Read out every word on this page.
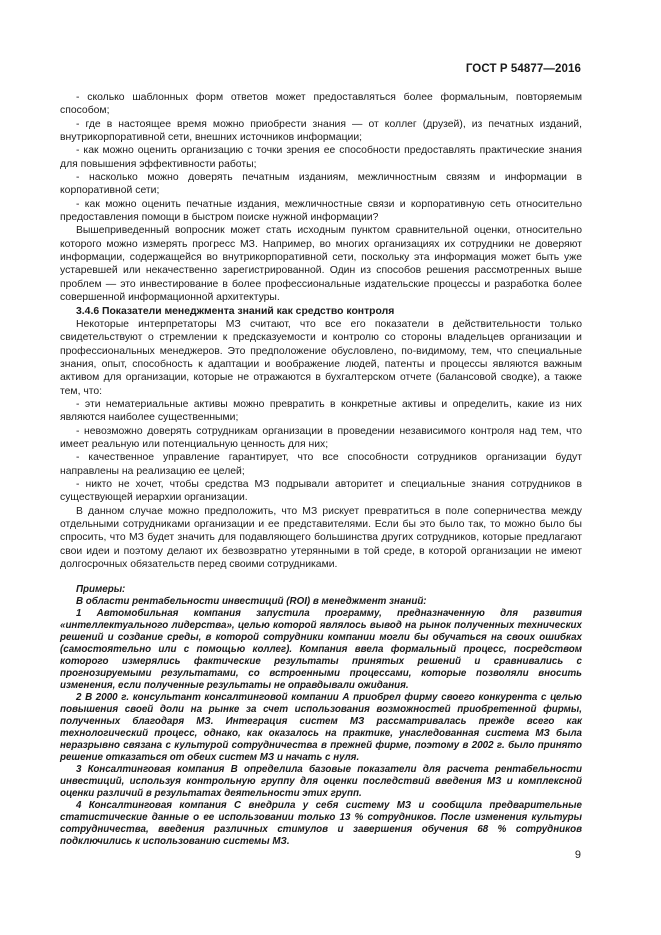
ГОСТ Р 54877—2016

- сколько шаблонных форм ответов может предоставляться более формальным, повторяемым способом;

- где в настоящее время можно приобрести знания — от коллег (друзей), из печатных изданий, внутрикорпоративной сети, внешних источников информации;

- как можно оценить организацию с точки зрения ее способности предоставлять практические знания для повышения эффективности работы;

- насколько можно доверять печатным изданиям, межличностным связям и информации в корпоративной сети;

- как можно оценить печатные издания, межличностные связи и корпоративную сеть относительно предоставления помощи в быстром поиске нужной информации?

Вышеприведенный вопросник может стать исходным пунктом сравнительной оценки, относительно которого можно измерять прогресс МЗ. Например, во многих организациях их сотрудники не доверяют информации, содержащейся во внутрикорпоративной сети, поскольку эта информация может быть уже устаревшей или некачественно зарегистрированной. Один из способов решения рассмотренных выше проблем — это инвестирование в более профессиональные издательские процессы и разработка более совершенной информационной архитектуры.

3.4.6 Показатели менеджмента знаний как средство контроля

Некоторые интерпретаторы МЗ считают, что все его показатели в действительности только свидетельствуют о стремлении к предсказуемости и контролю со стороны владельцев организации и профессиональных менеджеров. Это предположение обусловлено, по-видимому, тем, что специальные знания, опыт, способность к адаптации и воображение людей, патенты и процессы являются важным активом для организации, которые не отражаются в бухгалтерском отчете (балансовой сводке), а также тем, что:

- эти нематериальные активы можно превратить в конкретные активы и определить, какие из них являются наиболее существенными;

- невозможно доверять сотрудникам организации в проведении независимого контроля над тем, что имеет реальную или потенциальную ценность для них;

- качественное управление гарантирует, что все способности сотрудников организации будут направлены на реализацию ее целей;

- никто не хочет, чтобы средства МЗ подрывали авторитет и специальные знания сотрудников в существующей иерархии организации.

В данном случае можно предположить, что МЗ рискует превратиться в поле соперничества между отдельными сотрудниками организации и ее представителями. Если бы это было так, то можно было бы спросить, что МЗ будет значить для подавляющего большинства других сотрудников, которые предлагают свои идеи и поэтому делают их безвозвратно утерянными в той среде, в которой организации не имеют долгосрочных обязательств перед своими сотрудниками.

Примеры:

В области рентабельности инвестиций (ROI) в менеджмент знаний:

1 Автомобильная компания запустила программу, предназначенную для развития «интеллектуального лидерства», целью которой являлось вывод на рынок полученных технических решений и создание среды, в которой сотрудники компании могли бы обучаться на своих ошибках (самостоятельно или с помощью коллег). Компания ввела формальный процесс, посредством которого измерялись фактические результаты принятых решений и сравнивались с прогнозируемыми результатами, со встроенными процессами, которые позволяли вносить изменения, если полученные результаты не оправдывали ожидания.

2 В 2000 г. консультант консалтинговой компании А приобрел фирму своего конкурента с целью повышения своей доли на рынке за счет использования возможностей приобретенной фирмы, полученных благодаря МЗ. Интеграция систем МЗ рассматривалась прежде всего как технологический процесс, однако, как оказалось на практике, унаследованная система МЗ была неразрывно связана с культурой сотрудничества в прежней фирме, поэтому в 2002 г. было принято решение отказаться от обеих систем МЗ и начать с нуля.

3 Консалтинговая компания В определила базовые показатели для расчета рентабельности инвестиций, используя контрольную группу для оценки последствий введения МЗ и комплексной оценки различий в результатах деятельности этих групп.

4 Консалтинговая компания С внедрила у себя систему МЗ и сообщила предварительные статистические данные о ее использовании только 13 % сотрудников. После изменения культуры сотрудничества, введения различных стимулов и завершения обучения 68 % сотрудников подключились к использованию системы МЗ.

9
